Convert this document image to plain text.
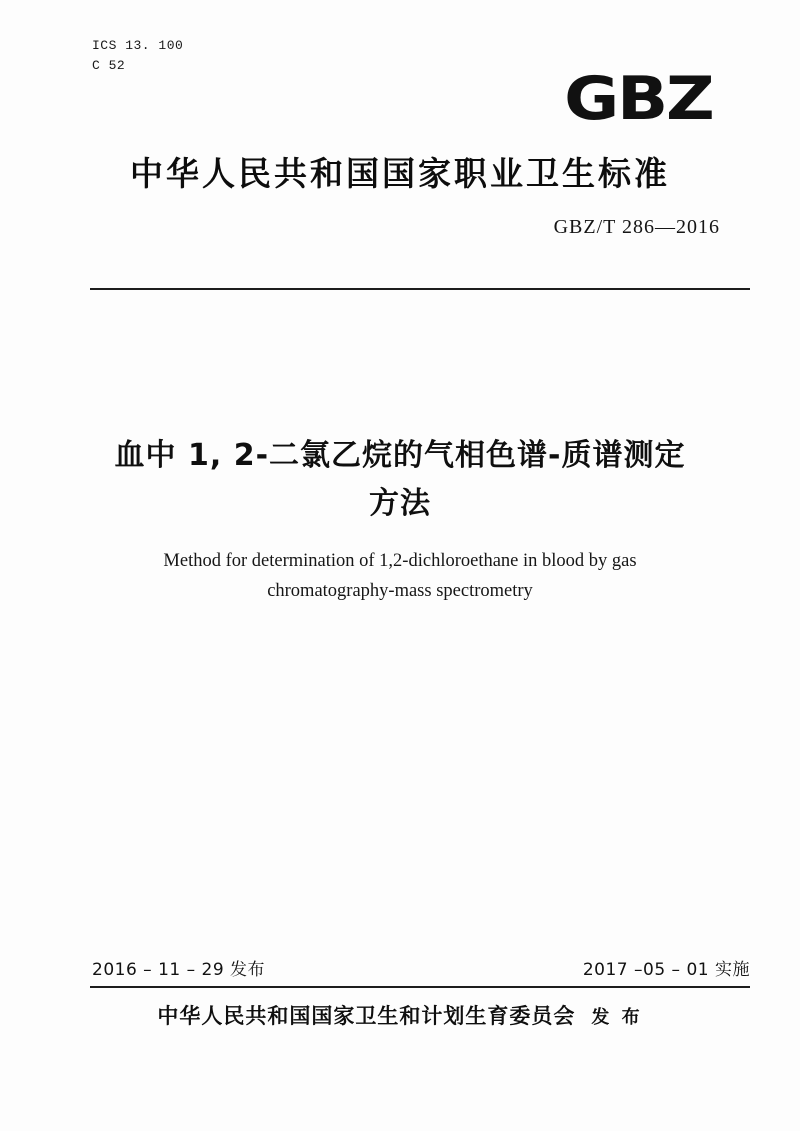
ICS 13. 100
C 52	GBZ
中华人民共和国国家职业卫生标准
GBZ/T 286—2016
血中 1, 2-二氯乙烷的气相色谱-质谱测定
方法
Method for determination of 1,2-dichloroethane in blood by gas
chromatography-mass spectrometry
2016 – 11 – 29 发布	2017 –05 – 01 实施
中华人民共和国国家卫生和计划生育委员会 发 布
